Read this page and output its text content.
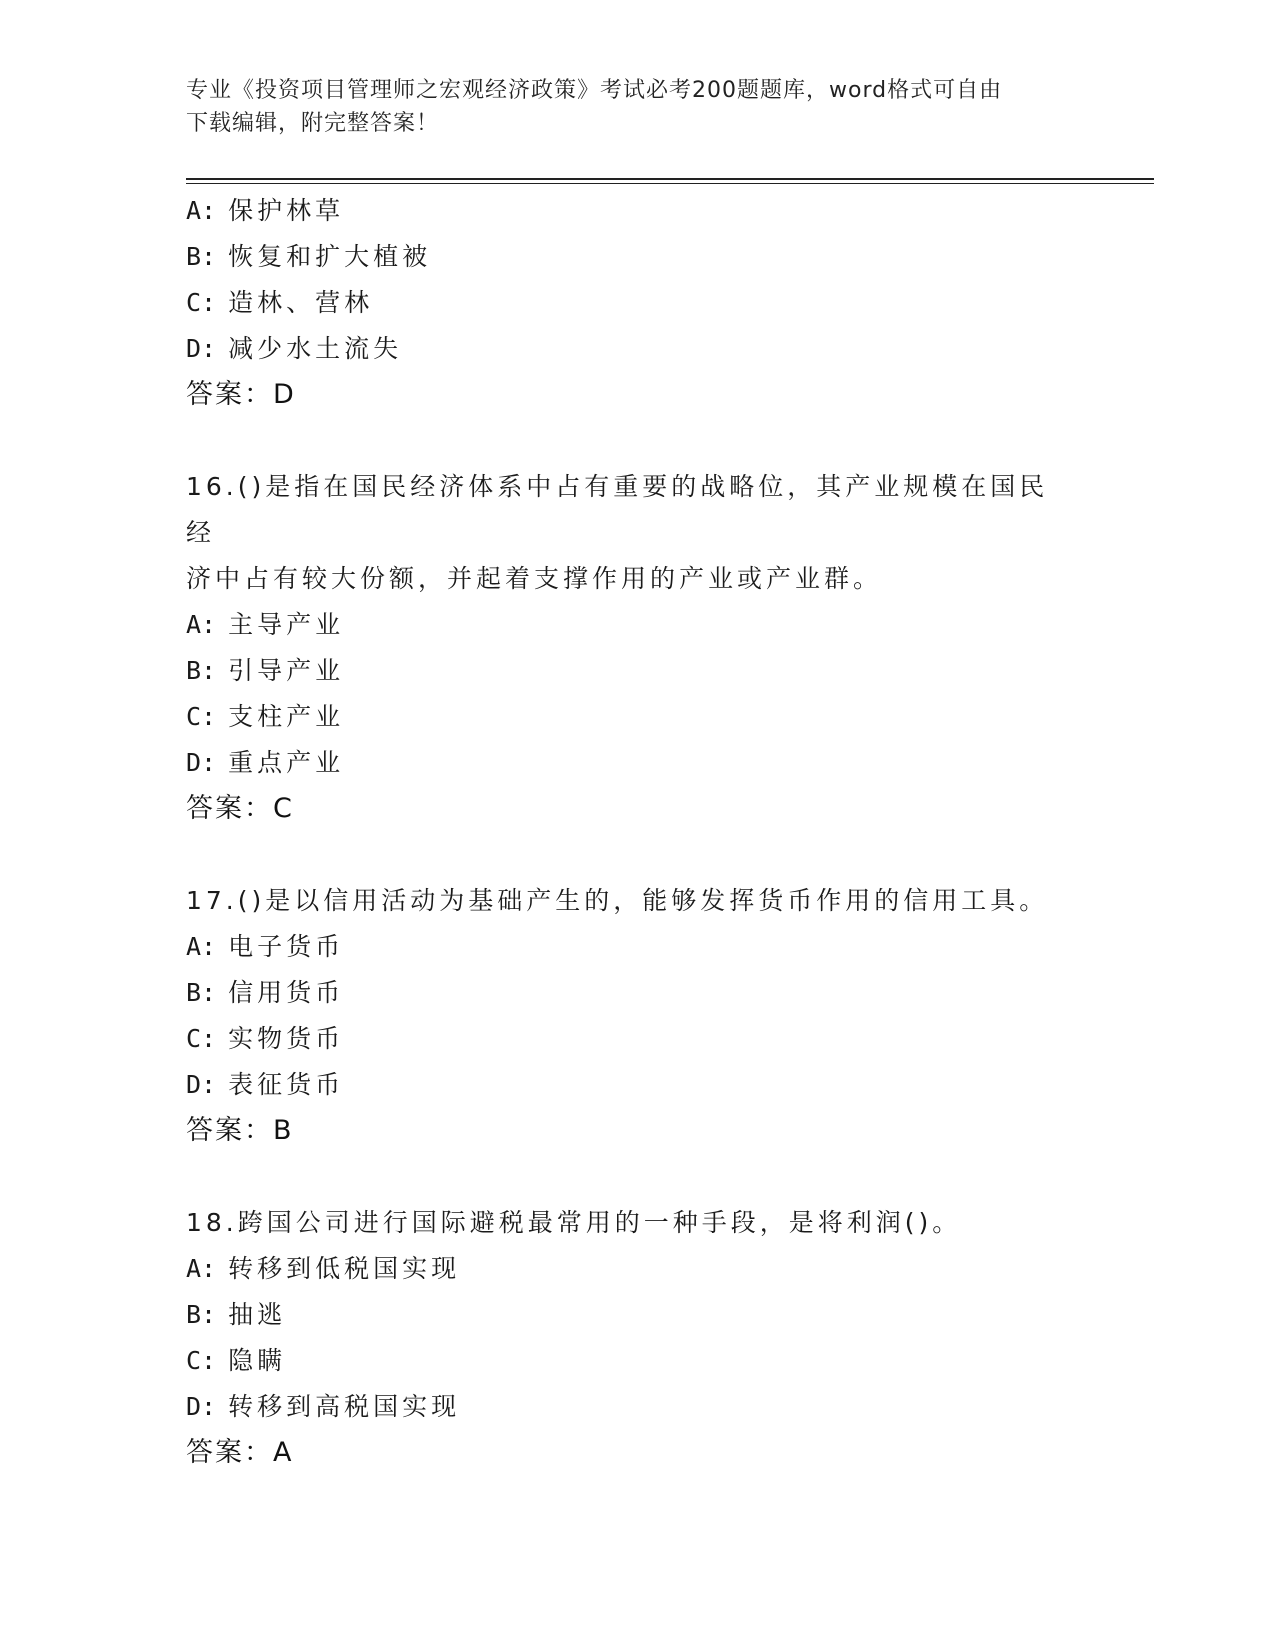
专业《投资项目管理师之宏观经济政策》考试必考200题题库，word格式可自由
下载编辑，附完整答案！
A: 保护林草
B: 恢复和扩大植被
C: 造林、营林
D: 减少水土流失
答案：D
16.()是指在国民经济体系中占有重要的战略位，其产业规模在国民经
济中占有较大份额，并起着支撑作用的产业或产业群。
A: 主导产业
B: 引导产业
C: 支柱产业
D: 重点产业
答案：C
17.()是以信用活动为基础产生的，能够发挥货币作用的信用工具。
A: 电子货币
B: 信用货币
C: 实物货币
D: 表征货币
答案：B
18.跨国公司进行国际避税最常用的一种手段，是将利润()。
A: 转移到低税国实现
B: 抽逃
C: 隐瞒
D: 转移到高税国实现
答案：A
